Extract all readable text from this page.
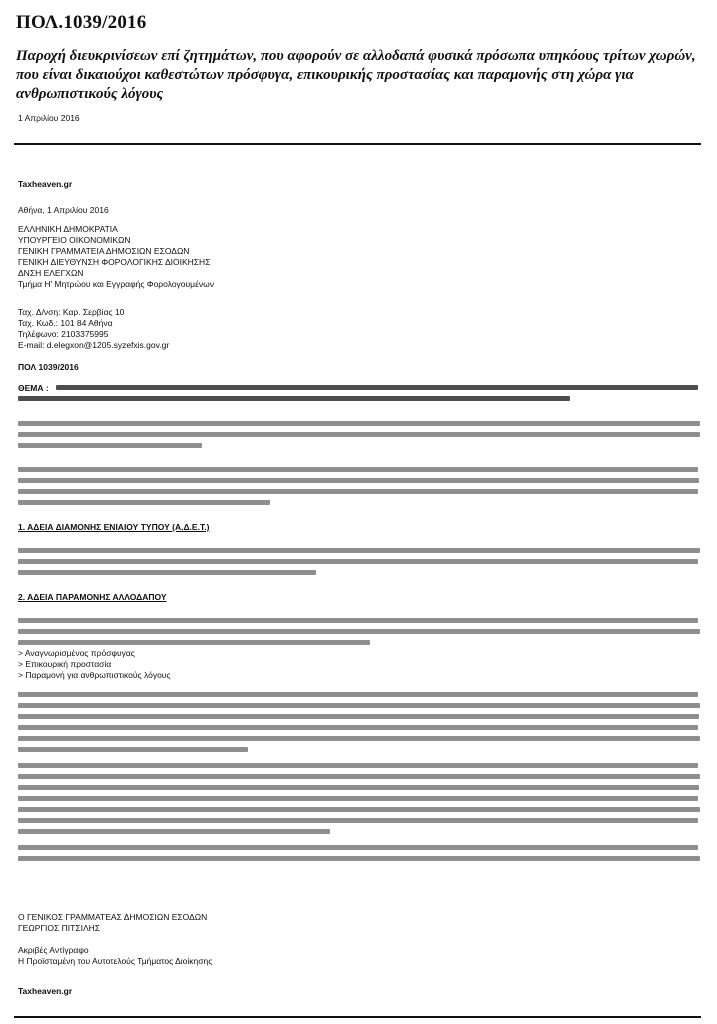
ΠΟΛ.1039/2016
Παροχή διευκρινίσεων επί ζητημάτων, που αφορούν σε αλλοδαπά φυσικά πρόσωπα υπηκόους τρίτων χωρών, που είναι δικαιούχοι καθεστώτων πρόσφυγα, επικουρικής προστασίας και παραμονής στη χώρα για ανθρωπιστικούς λόγους
1 Απριλίου 2016
Taxheaven.gr
Αθήνα, 1 Απριλίου 2016
ΕΛΛΗΝΙΚΗ ΔΗΜΟΚΡΑΤΙΑ
ΥΠΟΥΡΓΕΙΟ ΟΙΚΟΝΟΜΙΚΩΝ
ΓΕΝΙΚΗ ΓΡΑΜΜΑΤΕΙΑ ΔΗΜΟΣΙΩΝ ΕΣΟΔΩΝ
ΓΕΝΙΚΗ ΔΙΕΥΘΥΝΣΗ ΦΟΡΟΛΟΓΙΚΗΣ ΔΙΟΙΚΗΣΗΣ
ΔΝΣΗ ΕΛΕΓΧΩΝ
Τμήμα Η' Μητρώου και Εγγραφής Φορολογουμένων
Ταχ. Δ/νση: Καρ. Σερβίας 10
Ταχ. Κωδ.: 101 84 Αθήνα
Τηλέφωνο: 2103375995
E-mail: d.elegxon@1205.syzefxis.gov.gr
ΠΟΛ 1039/2016
ΘΕΜΑ :
1. ΑΔΕΙΑ ΔΙΑΜΟΝΗΣ ΕΝΙΑΙΟΥ ΤΥΠΟΥ (Α.Δ.Ε.Τ.)
2. ΑΔΕΙΑ ΠΑΡΑΜΟΝΗΣ ΑΛΛΟΔΑΠΟΥ
> Αναγνωρισμένος πρόσφυγας
> Επικουρική προστασία
> Παραμονή για ανθρωπιστικούς λόγους
Ο ΓΕΝΙΚΟΣ ΓΡΑΜΜΑΤΕΑΣ ΔΗΜΟΣΙΩΝ ΕΣΟΔΩΝ
ΓΕΩΡΓΙΟΣ ΠΙΤΣΙΛΗΣ
Ακριβές Αντίγραφο
Η Προϊσταμένη του Αυτοτελούς Τμήματος Διοίκησης
Taxheaven.gr
